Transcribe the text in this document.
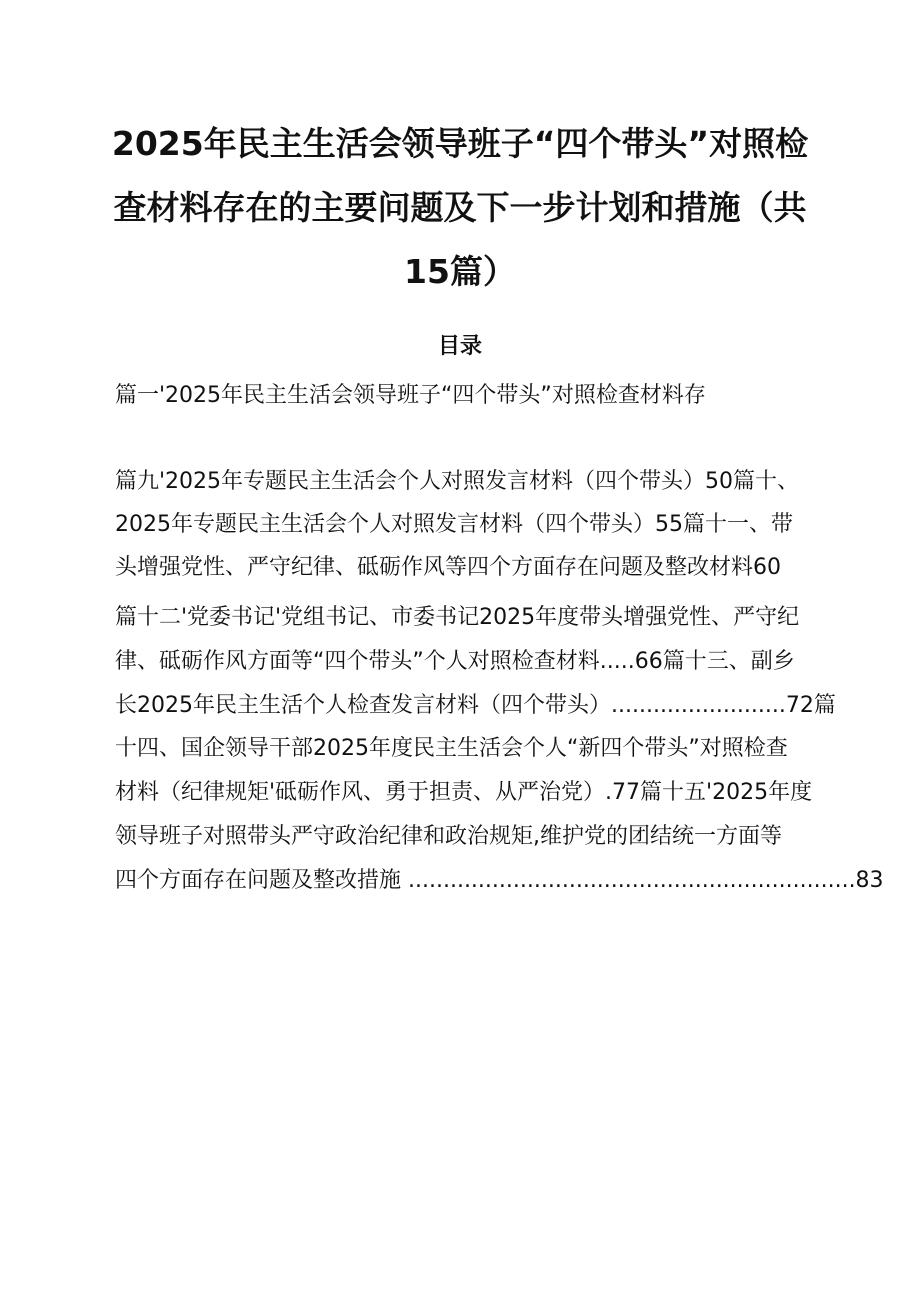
2025年民主生活会领导班子“四个带头”对照检
查材料存在的主要问题及下一步计划和措施（共
15篇）
目录

篇一'2025年民主生活会领导班子“四个带头”对照检查材料存

篇九'2025年专题民主生活会个人对照发言材料（四个带头）50篇十、

2025年专题民主生活会个人对照发言材料（四个带头）55篇十一、带

头增强党性、严守纪律、砥砺作风等四个方面存在问题及整改材料60

篇十二'党委书记'党组书记、市委书记2025年度带头增强党性、严守纪

律、砥砺作风方面等“四个带头”个人对照检查材料.....66篇十三、副乡

长2025年民主生活个人检查发言材料（四个带头）.........................72篇

十四、国企领导干部2025年度民主生活会个人“新四个带头”对照检查

材料（纪律规矩'砥砺作风、勇于担责、从严治党）.77篇十五'2025年度

领导班子对照带头严守政治纪律和政治规矩,维护党的团结统一方面等

四个方面存在问题及整改措施 ................................................................83
